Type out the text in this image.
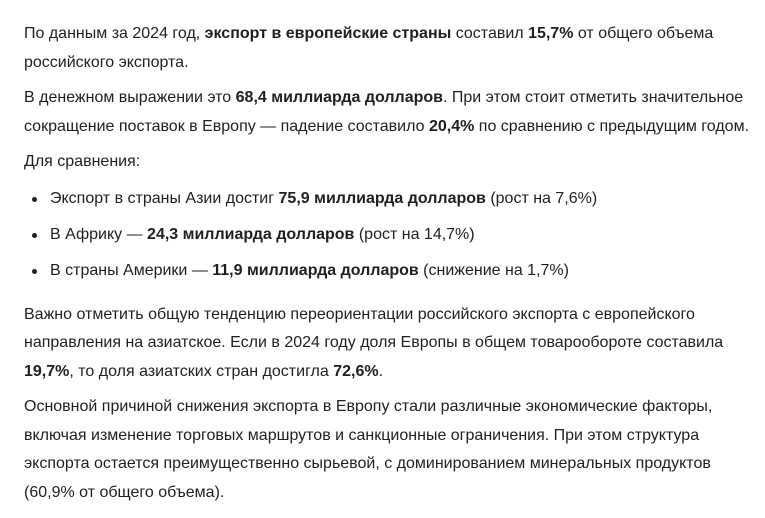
По данным за 2024 год, экспорт в европейские страны составил 15,7% от общего объема российского экспорта.

В денежном выражении это 68,4 миллиарда долларов. При этом стоит отметить значительное сокращение поставок в Европу — падение составило 20,4% по сравнению с предыдущим годом.

Для сравнения:

Экспорт в страны Азии достиг 75,9 миллиарда долларов (рост на 7,6%)
В Африку — 24,3 миллиарда долларов (рост на 14,7%)
В страны Америки — 11,9 миллиарда долларов (снижение на 1,7%)

Важно отметить общую тенденцию переориентации российского экспорта с европейского направления на азиатское. Если в 2024 году доля Европы в общем товарообороте составила 19,7%, то доля азиатских стран достигла 72,6%.

Основной причиной снижения экспорта в Европу стали различные экономические факторы, включая изменение торговых маршрутов и санкционные ограничения. При этом структура экспорта остается преимущественно сырьевой, с доминированием минеральных продуктов (60,9% от общего объема).
